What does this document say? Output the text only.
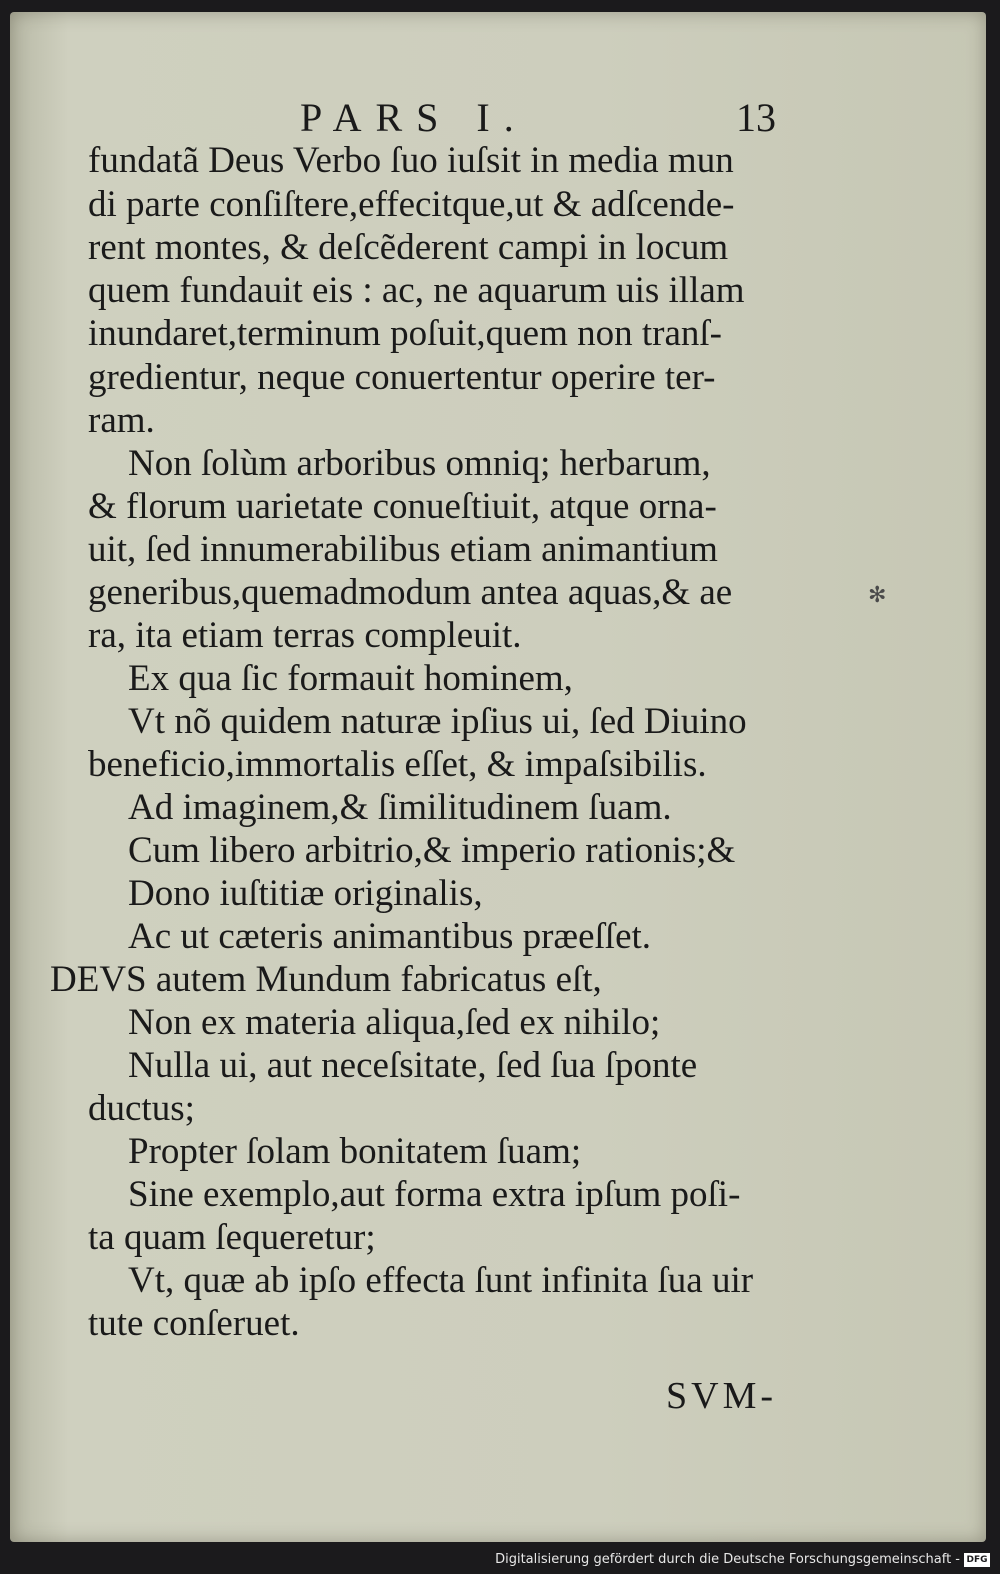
PARS I.	13
fundatã Deus Verbo ſuo iuſsit in media mun
di parte conſiſtere,effecitque,ut & adſcende-
rent montes, & deſcẽderent campi in locum
quem fundauit eis : ac, ne aquarum uis illam
inundaret,terminum poſuit,quem non tranſ-
gredientur, neque conuertentur operire ter-
ram.
Non ſolùm arboribus omniq; herbarum,
& florum uarietate conueſtiuit, atque orna-
uit, ſed innumerabilibus etiam animantium
generibus,quemadmodum antea aquas,& ae
ra, ita etiam terras compleuit.
Ex qua ſic formauit hominem,
Vt nõ quidem naturæ ipſius ui, ſed Diuino
beneficio,immortalis eſſet, & impaſsibilis.
Ad imaginem,& ſimilitudinem ſuam.
Cum libero arbitrio,& imperio rationis;&
Dono iuſtitiæ originalis,
Ac ut cæteris animantibus præeſſet.
DEVS autem Mundum fabricatus eſt,
Non ex materia aliqua,ſed ex nihilo;
Nulla ui, aut neceſsitate, ſed ſua ſponte
ductus;
Propter ſolam bonitatem ſuam;
Sine exemplo,aut forma extra ipſum poſi-
ta quam ſequeretur;
Vt, quæ ab ipſo effecta ſunt infinita ſua uir
tute conſeruet.
✻
SVM-
Digitalisierung gefördert durch die Deutsche Forschungsgemeinschaft - DFG
